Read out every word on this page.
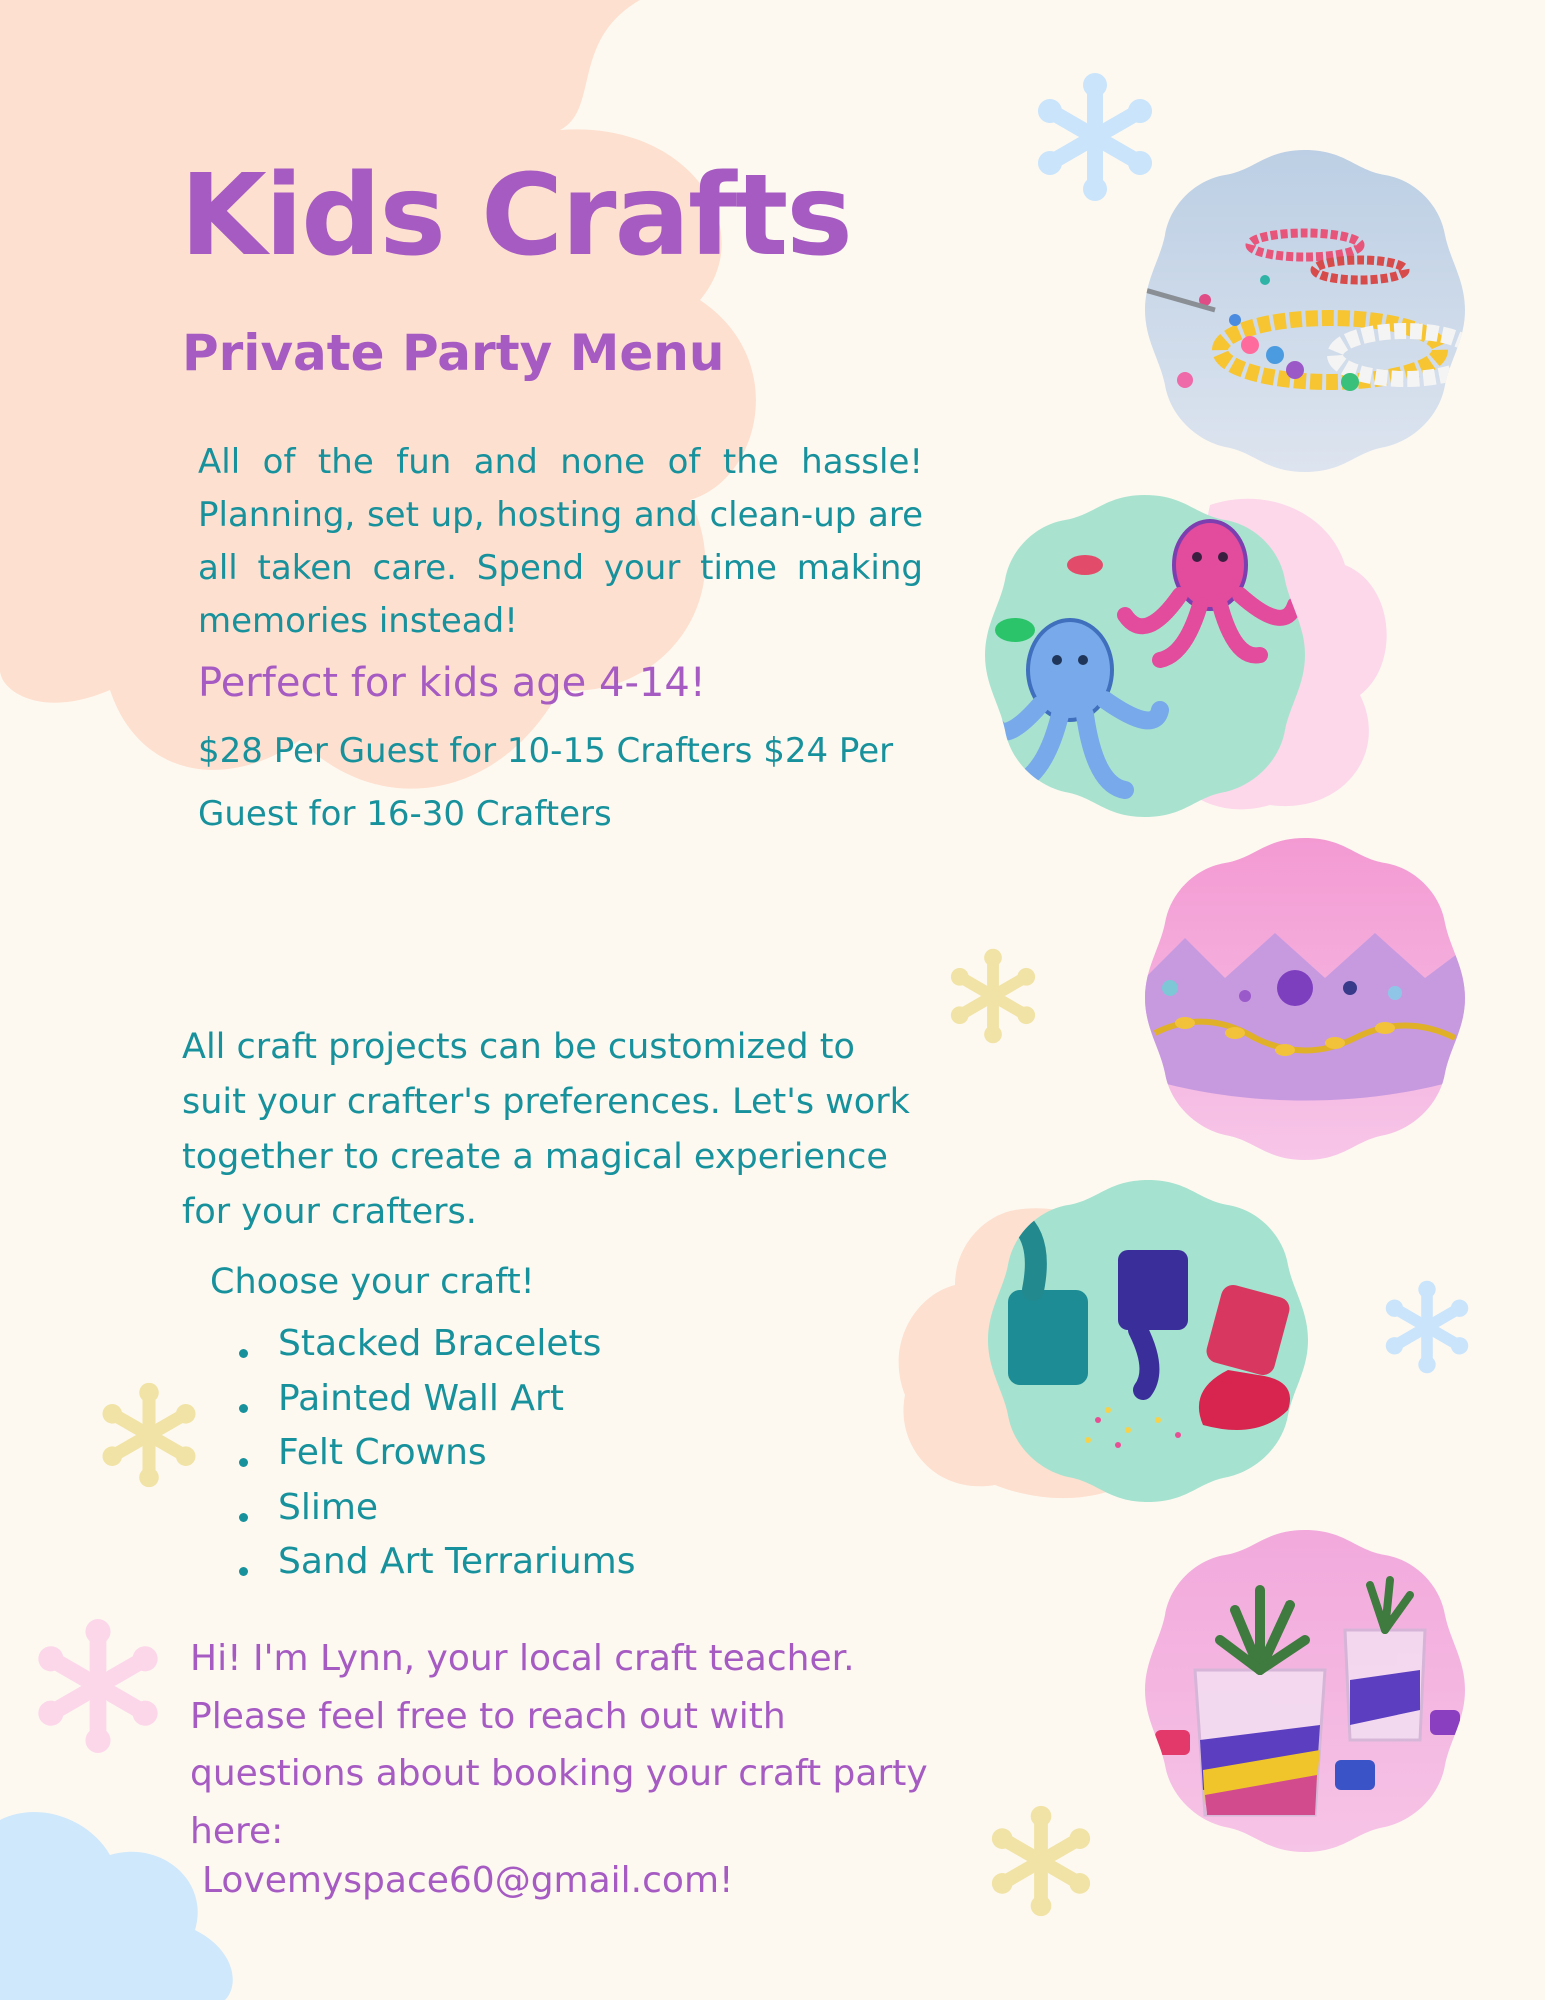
Kids Crafts
Private Party Menu

All of the fun and none of the hassle! Planning, set up, hosting and clean-up are all taken care. Spend your time making memories instead!

Perfect for kids age 4-14!

$28 Per Guest for 10-15 Crafters $24 Per Guest for 16-30 Crafters

All craft projects can be customized to suit your crafter's preferences. Let's work together to create a magical experience for your crafters.

Choose your craft!

Stacked Bracelets
Painted Wall Art
Felt Crowns
Slime
Sand Art Terrariums

Hi! I'm Lynn, your local craft teacher. Please feel free to reach out with questions about booking your craft party here:

Lovemyspace60@gmail.com!
